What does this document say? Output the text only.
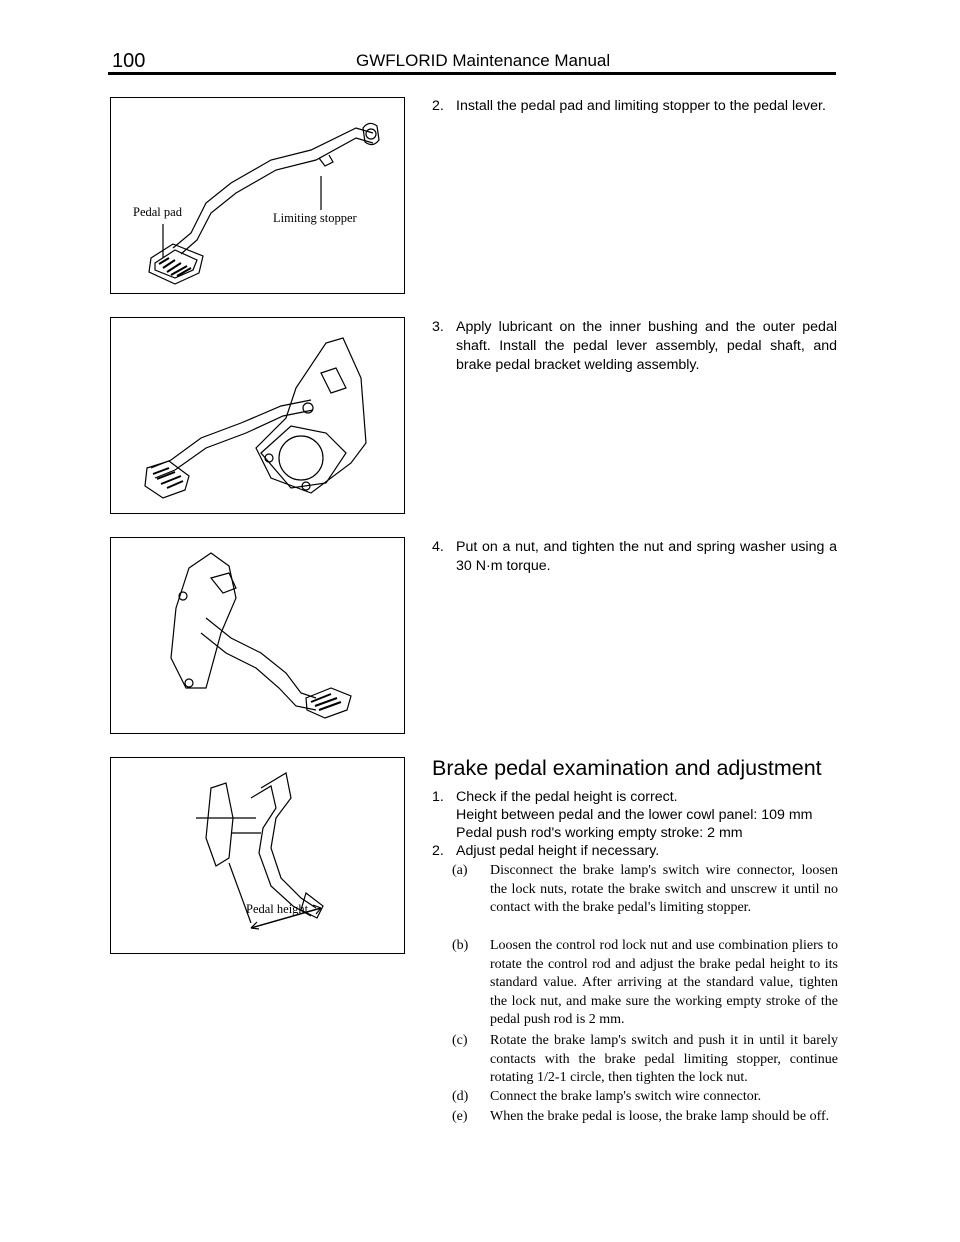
100	GWFLORID Maintenance Manual
Pedal pad	Limiting stopper
Pedal height
2. Install the pedal pad and limiting stopper to the pedal lever.
3. Apply lubricant on the inner bushing and the outer pedal shaft. Install the pedal lever assembly, pedal shaft, and brake pedal bracket welding assembly.
4. Put on a nut, and tighten the nut and spring washer using a 30 N·m torque.
Brake pedal examination and adjustment
1. Check if the pedal height is correct.
Height between pedal and the lower cowl panel: 109 mm
Pedal push rod's working empty stroke: 2 mm
2. Adjust pedal height if necessary.
(a) Disconnect the brake lamp's switch wire connector, loosen the lock nuts, rotate the brake switch and unscrew it until no contact with the brake pedal's limiting stopper.
(b) Loosen the control rod lock nut and use combination pliers to rotate the control rod and adjust the brake pedal height to its standard value. After arriving at the standard value, tighten the lock nut, and make sure the working empty stroke of the pedal push rod is 2 mm.
(c) Rotate the brake lamp's switch and push it in until it barely contacts with the brake pedal limiting stopper, continue rotating 1/2-1 circle, then tighten the lock nut.
(d) Connect the brake lamp's switch wire connector.
(e) When the brake pedal is loose, the brake lamp should be off.
